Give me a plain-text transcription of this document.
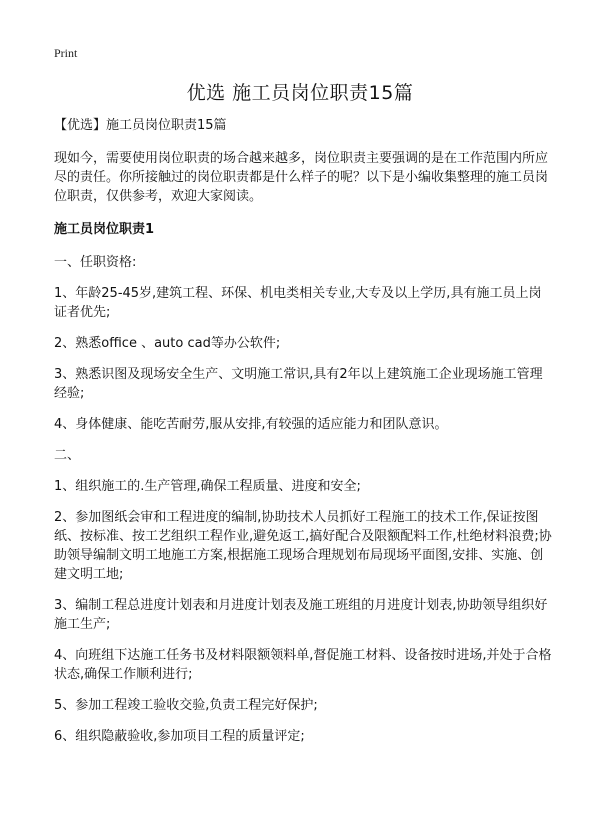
Print
优选 施工员岗位职责15篇

【优选】施工员岗位职责15篇

现如今，需要使用岗位职责的场合越来越多，岗位职责主要强调的是在工作范围内所应尽的责任。你所接触过的岗位职责都是什么样子的呢？以下是小编收集整理的施工员岗位职责，仅供参考，欢迎大家阅读。

施工员岗位职责1

一、任职资格:

1、年龄25-45岁,建筑工程、环保、机电类相关专业,大专及以上学历,具有施工员上岗证者优先;

2、熟悉office 、auto cad等办公软件;

3、熟悉识图及现场安全生产、文明施工常识,具有2年以上建筑施工企业现场施工管理经验;

4、身体健康、能吃苦耐劳,服从安排,有较强的适应能力和团队意识。

二、

1、组织施工的.生产管理,确保工程质量、进度和安全;

2、参加图纸会审和工程进度的编制,协助技术人员抓好工程施工的技术工作,保证按图纸、按标准、按工艺组织工程作业,避免返工,搞好配合及限额配料工作,杜绝材料浪费;协助领导编制文明工地施工方案,根据施工现场合理规划布局现场平面图,安排、实施、创建文明工地;

3、编制工程总进度计划表和月进度计划表及施工班组的月进度计划表,协助领导组织好施工生产;

4、向班组下达施工任务书及材料限额领料单,督促施工材料、设备按时进场,并处于合格状态,确保工作顺利进行;

5、参加工程竣工验收交验,负责工程完好保护;

6、组织隐蔽验收,参加项目工程的质量评定;
